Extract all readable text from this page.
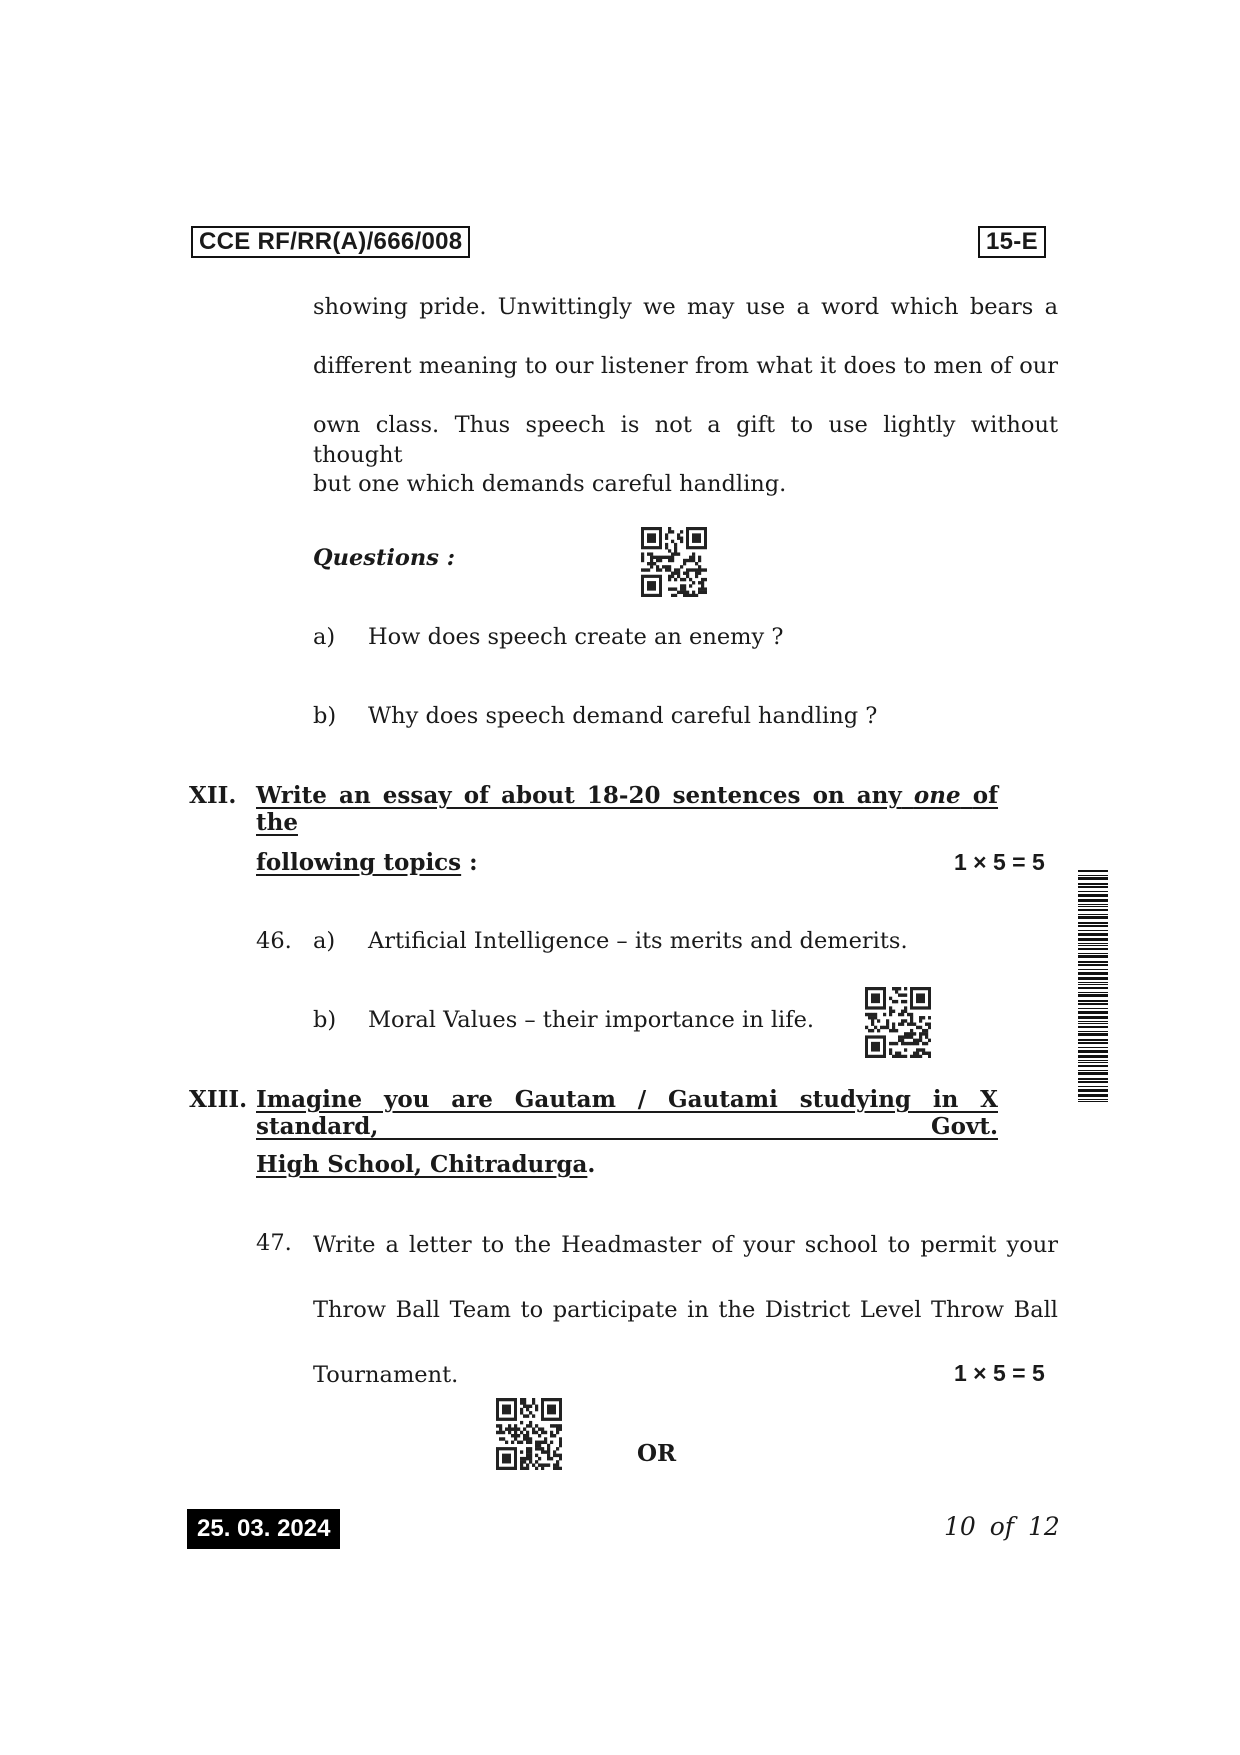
CCE RF/RR(A)/666/008	15-E
showing pride. Unwittingly we may use a word which bears a
different meaning to our listener from what it does to men of our
own class. Thus speech is not a gift to use lightly without thought
but one which demands careful handling.
Questions :
a) How does speech create an enemy ?
b) Why does speech demand careful handling ?
XII. Write an essay of about 18-20 sentences on any one of the
following topics :	1 × 5 = 5
46. a) Artificial Intelligence – its merits and demerits.
b) Moral Values – their importance in life.
XIII. Imagine you are Gautam / Gautami studying in X standard, Govt.
High School, Chitradurga.
47. Write a letter to the Headmaster of your school to permit your
Throw Ball Team to participate in the District Level Throw Ball
Tournament.	1 × 5 = 5
OR
25. 03. 2024	10 of 12
